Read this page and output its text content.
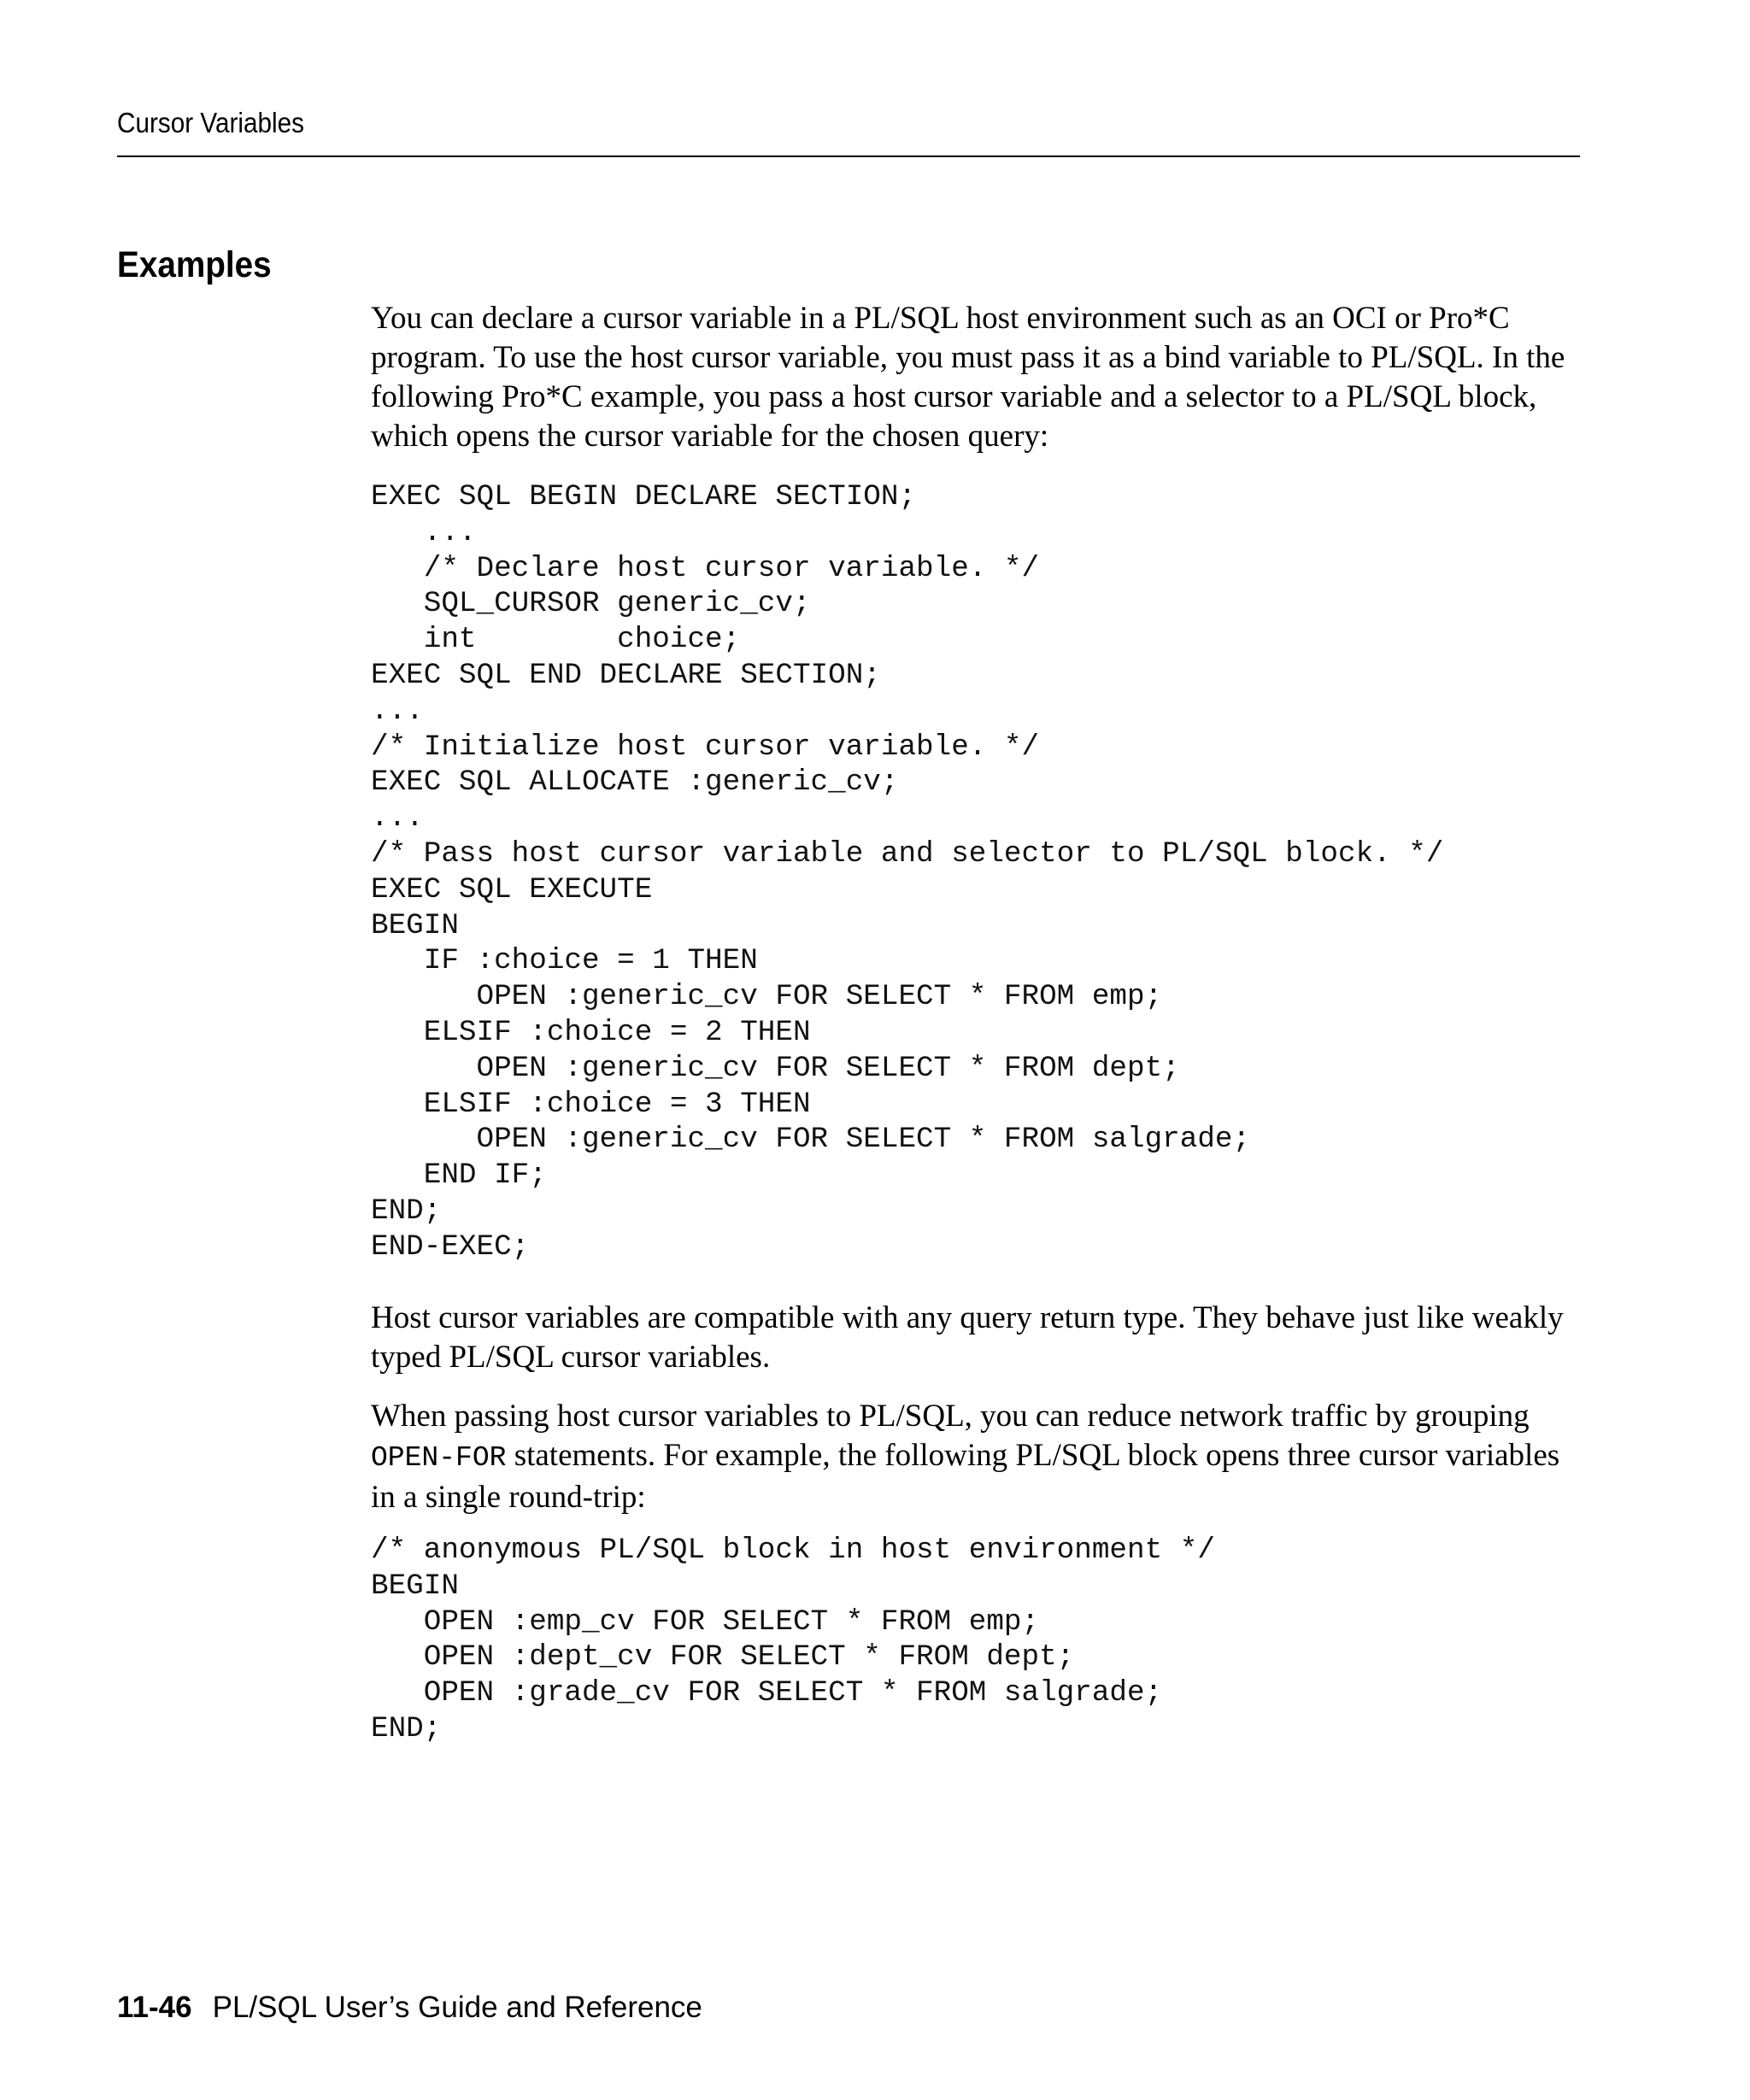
Cursor Variables
Examples

You can declare a cursor variable in a PL/SQL host environment such as an OCI or Pro*C program. To use the host cursor variable, you must pass it as a bind variable to PL/SQL. In the following Pro*C example, you pass a host cursor variable and a selector to a PL/SQL block, which opens the cursor variable for the chosen query:

EXEC SQL BEGIN DECLARE SECTION;
...
/* Declare host cursor variable. */
SQL_CURSOR generic_cv;
int        choice;
EXEC SQL END DECLARE SECTION;
...
/* Initialize host cursor variable. */
EXEC SQL ALLOCATE :generic_cv;
...
/* Pass host cursor variable and selector to PL/SQL block. */
EXEC SQL EXECUTE
BEGIN
IF :choice = 1 THEN
OPEN :generic_cv FOR SELECT * FROM emp;
ELSIF :choice = 2 THEN
OPEN :generic_cv FOR SELECT * FROM dept;
ELSIF :choice = 3 THEN
OPEN :generic_cv FOR SELECT * FROM salgrade;
END IF;
END;
END-EXEC;

Host cursor variables are compatible with any query return type. They behave just like weakly typed PL/SQL cursor variables.

When passing host cursor variables to PL/SQL, you can reduce network traffic by grouping OPEN-FOR statements. For example, the following PL/SQL block opens three cursor variables in a single round-trip:

/* anonymous PL/SQL block in host environment */
BEGIN
OPEN :emp_cv FOR SELECT * FROM emp;
OPEN :dept_cv FOR SELECT * FROM dept;
OPEN :grade_cv FOR SELECT * FROM salgrade;
END;
11-46 PL/SQL User’s Guide and Reference
